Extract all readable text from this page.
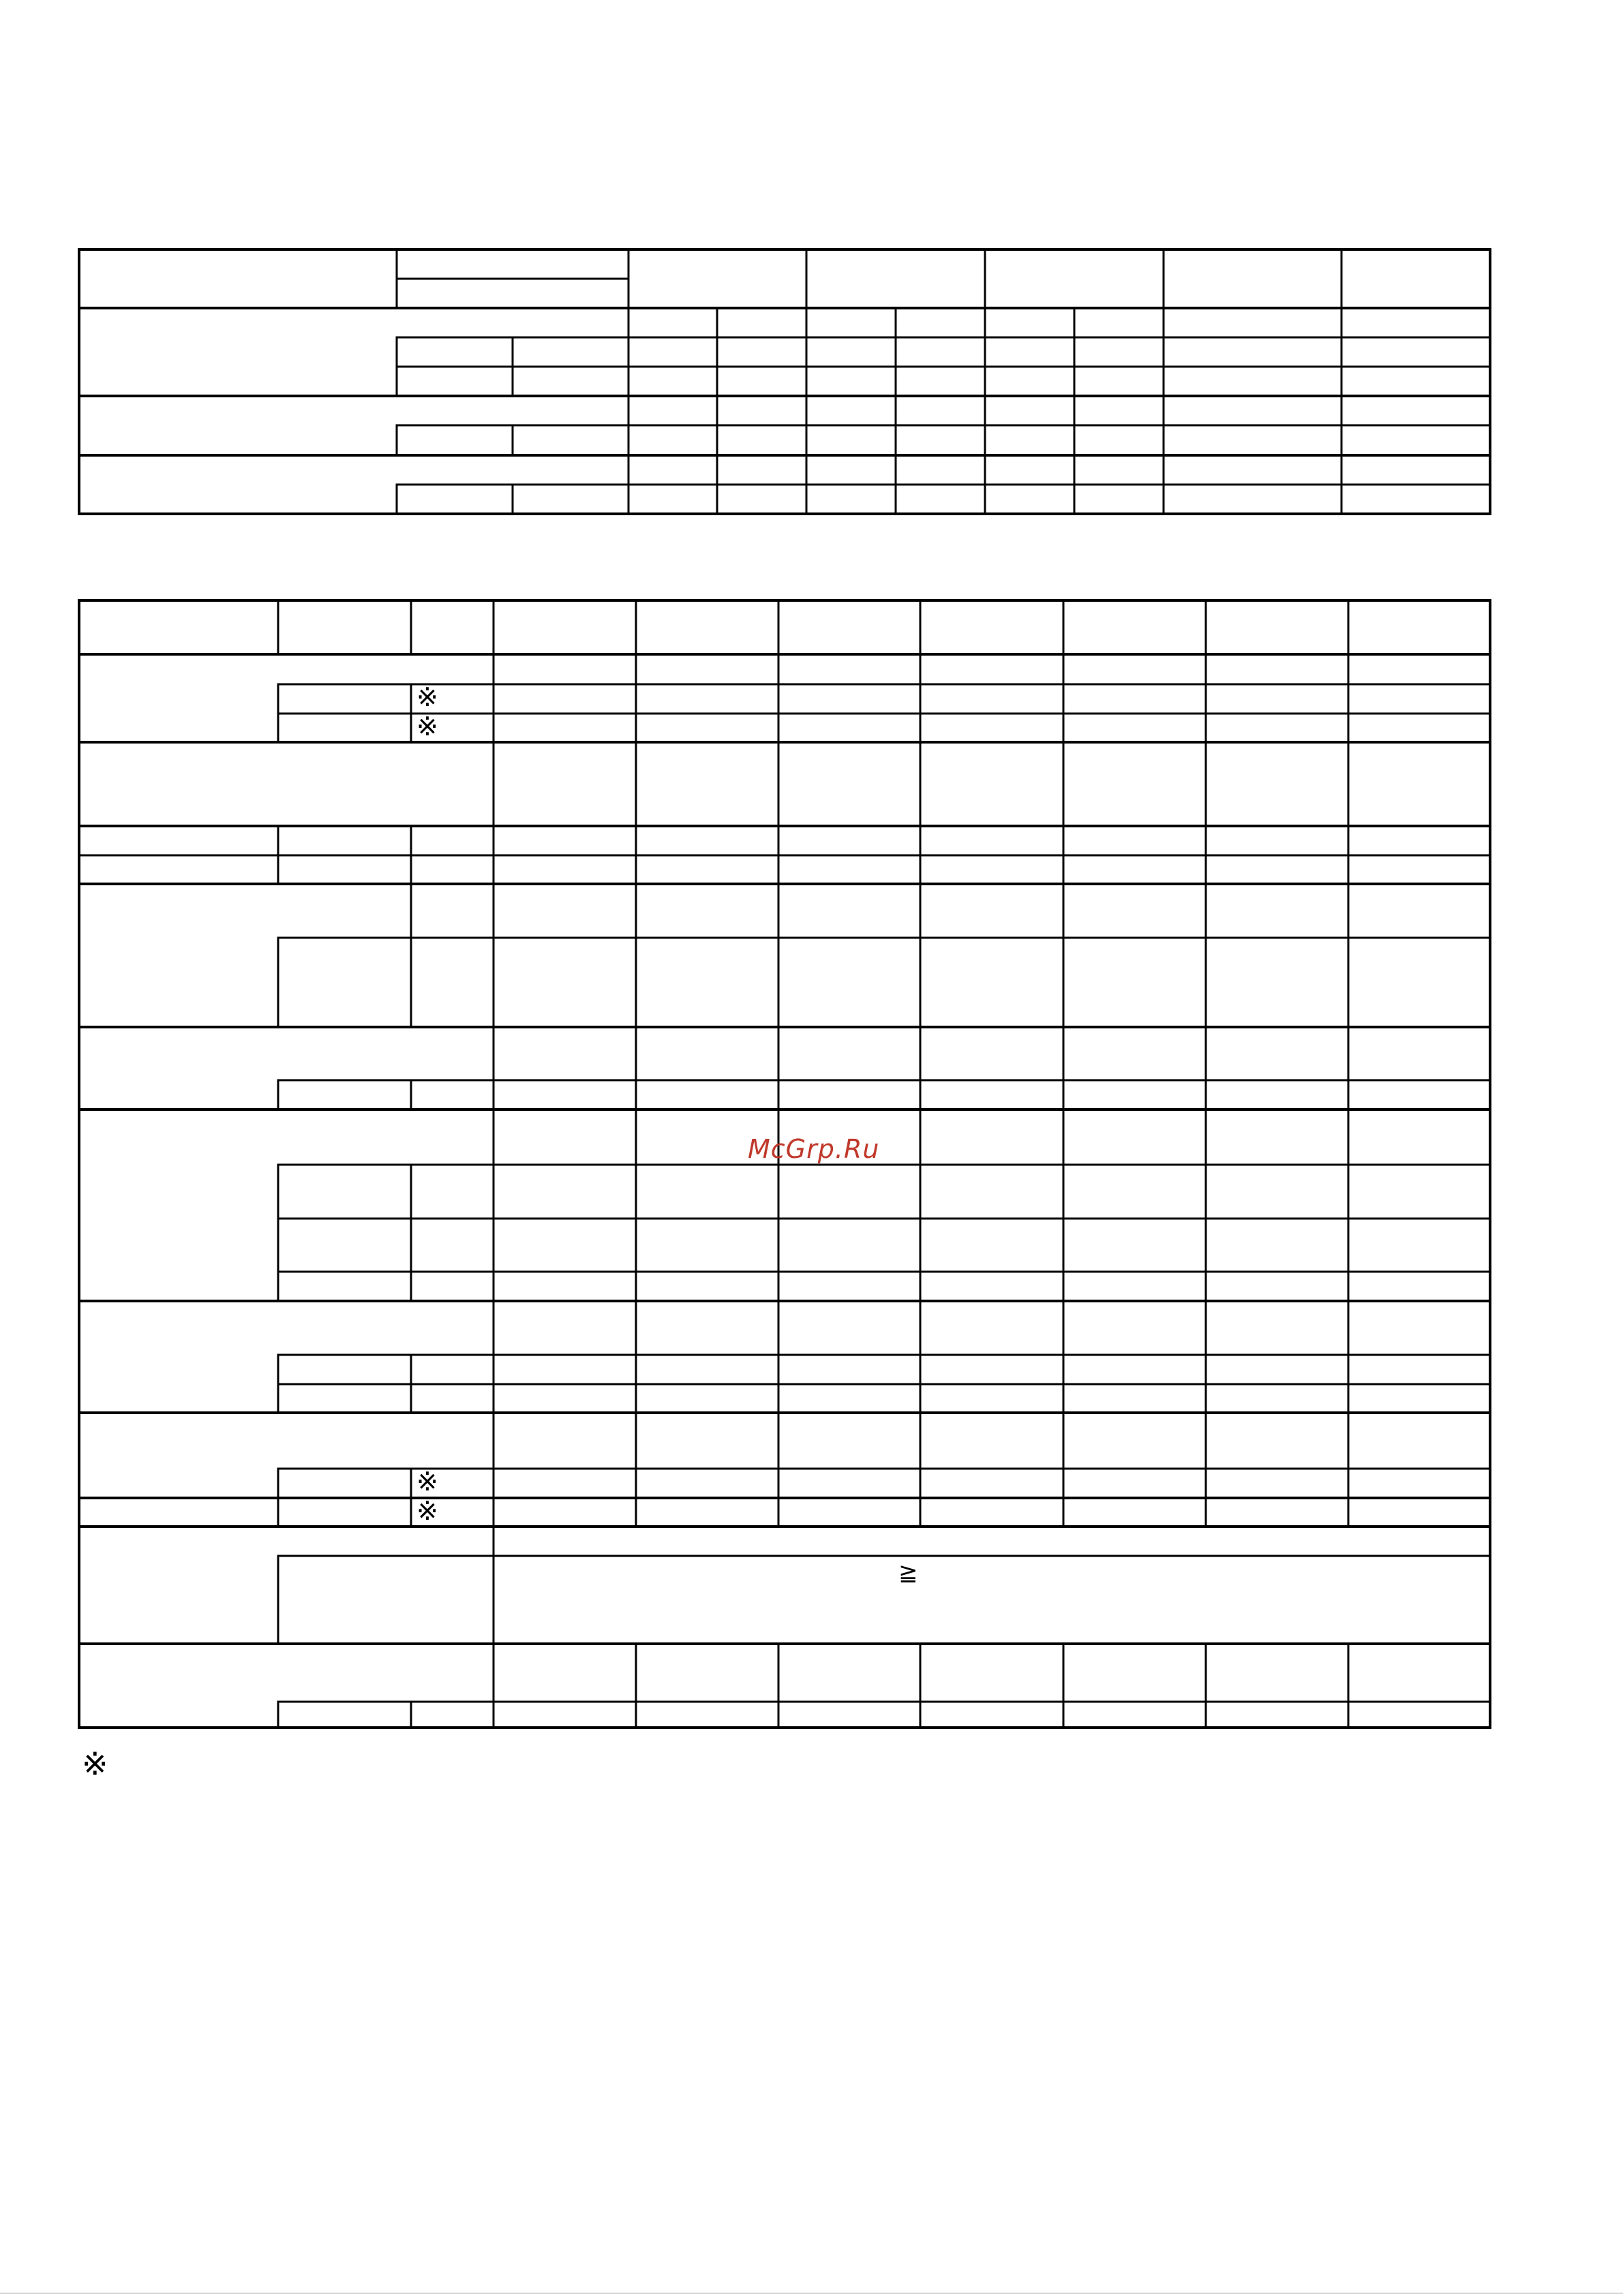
※
※
※
※
※
≧
McGrp.Ru
